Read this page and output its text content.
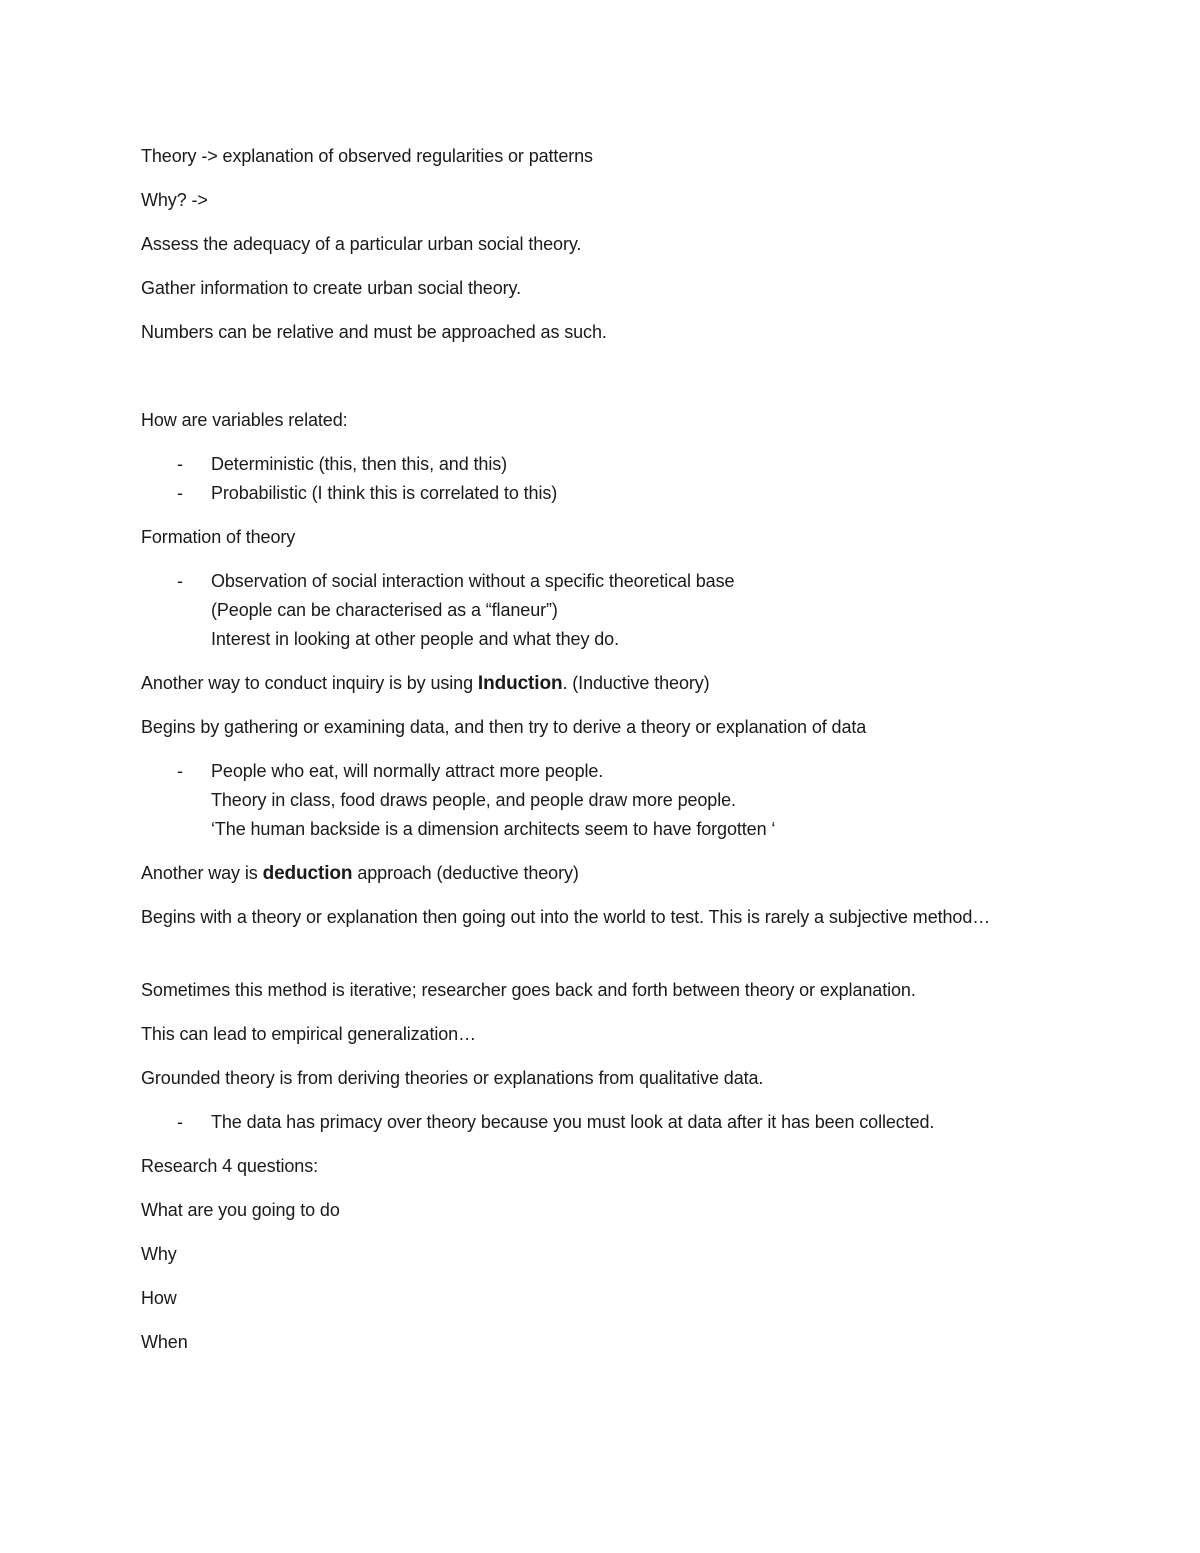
Theory -> explanation of observed regularities or patterns

Why? ->

Assess the adequacy of a particular urban social theory.

Gather information to create urban social theory.

Numbers can be relative and must be approached as such.

How are variables related:

- Deterministic (this, then this, and this)
- Probabilistic (I think this is correlated to this)

Formation of theory

- Observation of social interaction without a specific theoretical base
(People can be characterised as a “flaneur”)
Interest in looking at other people and what they do.

Another way to conduct inquiry is by using Induction. (Inductive theory)

Begins by gathering or examining data, and then try to derive a theory or explanation of data

- People who eat, will normally attract more people.
Theory in class, food draws people, and people draw more people.
‘The human backside is a dimension architects seem to have forgotten ‘

Another way is deduction approach (deductive theory)

Begins with a theory or explanation then going out into the world to test. This is rarely a subjective method…

Sometimes this method is iterative; researcher goes back and forth between theory or explanation.

This can lead to empirical generalization…

Grounded theory is from deriving theories or explanations from qualitative data.

- The data has primacy over theory because you must look at data after it has been collected.

Research 4 questions:

What are you going to do

Why

How

When
